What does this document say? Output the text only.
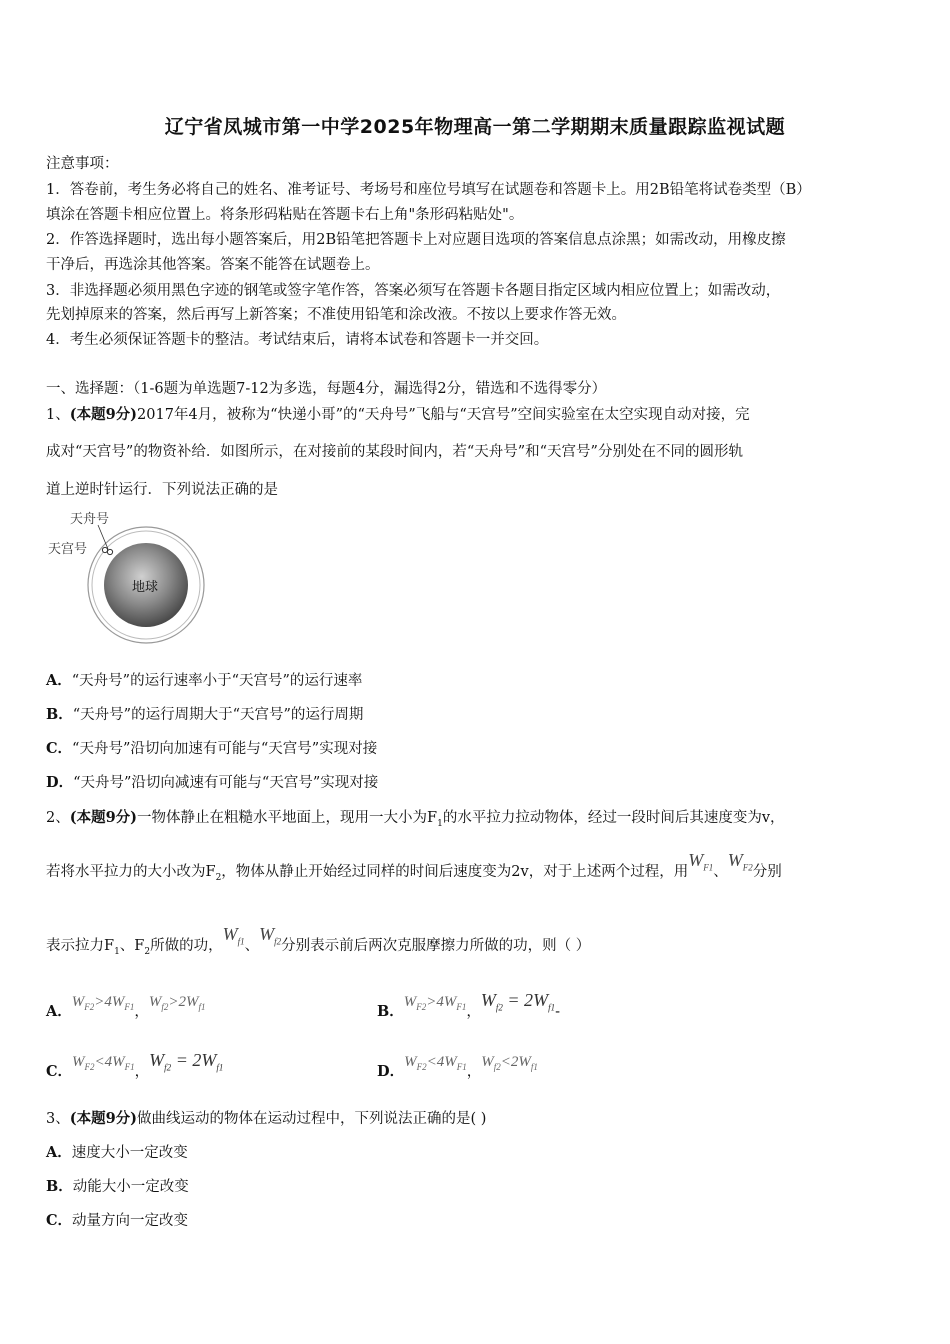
辽宁省凤城市第一中学2025年物理高一第二学期期末质量跟踪监视试题
注意事项：
1．答卷前，考生务必将自己的姓名、准考证号、考场号和座位号填写在试题卷和答题卡上。用2B铅笔将试卷类型（B）
填涂在答题卡相应位置上。将条形码粘贴在答题卡右上角"条形码粘贴处"。
2．作答选择题时，选出每小题答案后，用2B铅笔把答题卡上对应题目选项的答案信息点涂黑；如需改动，用橡皮擦
干净后，再选涂其他答案。答案不能答在试题卷上。
3．非选择题必须用黑色字迹的钢笔或签字笔作答，答案必须写在答题卡各题目指定区域内相应位置上；如需改动，
先划掉原来的答案，然后再写上新答案；不准使用铅笔和涂改液。不按以上要求作答无效。
4．考生必须保证答题卡的整洁。考试结束后，请将本试卷和答题卡一并交回。
一、选择题：（1-6题为单选题7-12为多选，每题4分，漏选得2分，错选和不选得零分）
1、(本题9分)2017年4月，被称为“快递小哥”的“天舟号”飞船与“天宫号”空间实验室在太空实现自动对接，完
成对“天宫号”的物资补给．如图所示，在对接前的某段时间内，若“天舟号”和“天宫号”分别处在不同的圆形轨
道上逆时针运行．下列说法正确的是
天舟号
天宫号
地球
A．“天舟号”的运行速率小于“天宫号”的运行速率
B．“天舟号”的运行周期大于“天宫号”的运行周期
C．“天舟号”沿切向加速有可能与“天宫号”实现对接
D．“天舟号”沿切向减速有可能与“天宫号”实现对接
2、(本题9分)一物体静止在粗糙水平地面上，现用一大小为$F_1$的水平拉力拉动物体，经过一段时间后其速度变为v，
若将水平拉力的大小改为$F_2$，物体从静止开始经过同样的时间后速度变为2v，对于上述两个过程，用$W_{F1}$、$W_{F2}$分别
表示拉力$F_1$、$F_2$所做的功，$W_{f1}$、$W_{f2}$分别表示前后两次克服摩擦力所做的功，则（ ）
A．$W_{F2}>4W_{F1}$，$W_{f2}>2W_{f1}$	B．$W_{F2}>4W_{F1}$，$W_{f2} = 2W_{f1}-$
C．$W_{F2}<4W_{F1}$，$W_{f2} = 2W_{f1}$	D．$W_{F2}<4W_{F1}$，$W_{f2}<2W_{f1}$
3、(本题9分)做曲线运动的物体在运动过程中，下列说法正确的是( )
A．速度大小一定改变
B．动能大小一定改变
C．动量方向一定改变
